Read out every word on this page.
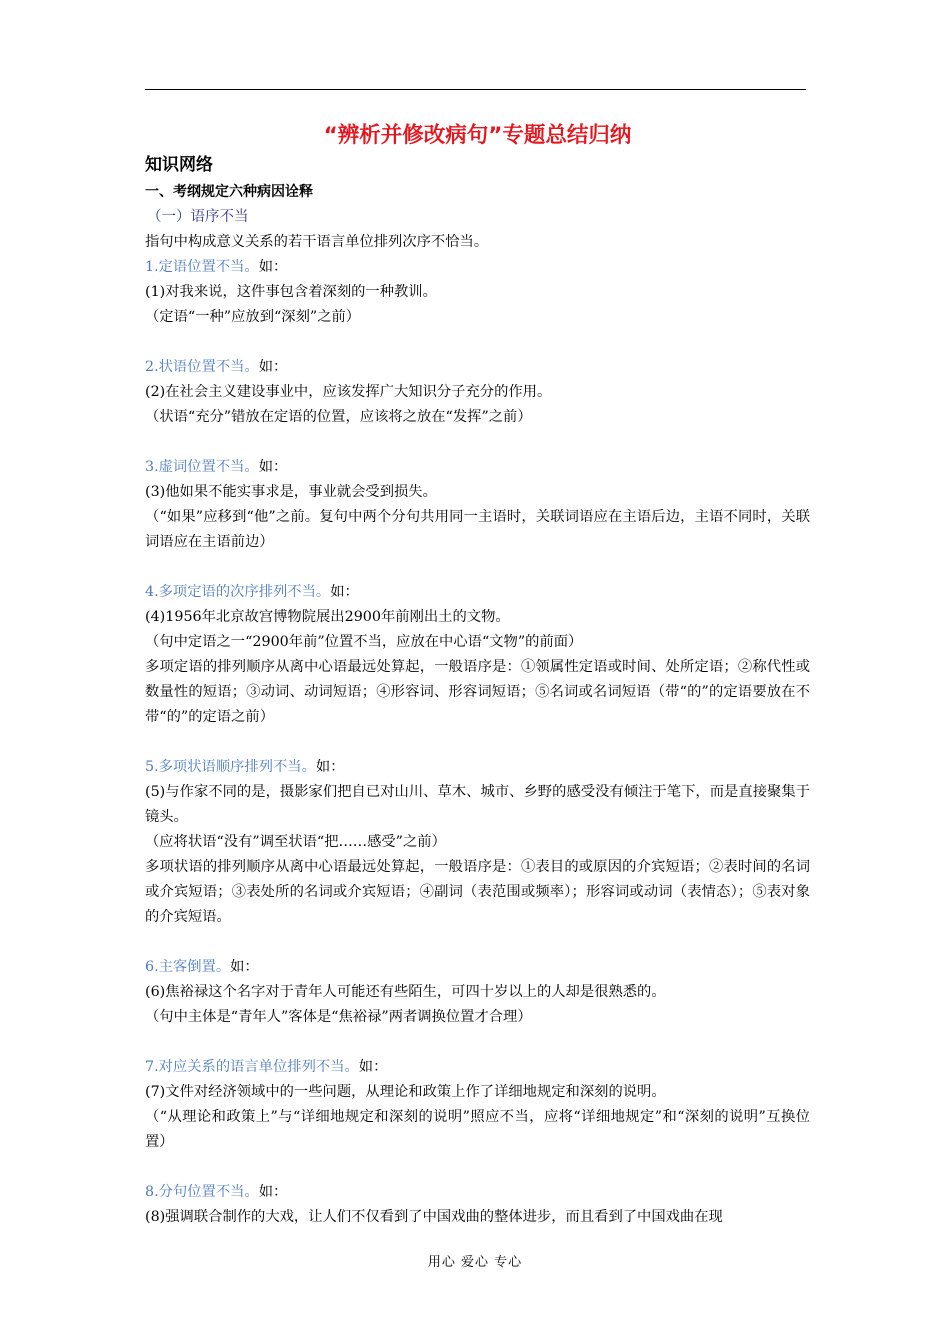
“辨析并修改病句”专题总结归纳
知识网络
一、考纲规定六种病因诠释
（一）语序不当
指句中构成意义关系的若干语言单位排列次序不恰当。
1.定语位置不当。如：
(1)对我来说，这件事包含着深刻的一种教训。
（定语“一种”应放到“深刻”之前）
2.状语位置不当。如：
(2)在社会主义建设事业中，应该发挥广大知识分子充分的作用。
（状语“充分”错放在定语的位置，应该将之放在“发挥”之前）
3.虚词位置不当。如：
(3)他如果不能实事求是，事业就会受到损失。
（“如果”应移到“他”之前。复句中两个分句共用同一主语时，关联词语应在主语后边，主语不同时，关联词语应在主语前边）
4.多项定语的次序排列不当。如：
(4)1956年北京故宫博物院展出2900年前刚出土的文物。
（句中定语之一“2900年前”位置不当，应放在中心语“文物”的前面）
多项定语的排列顺序从离中心语最远处算起，一般语序是：①领属性定语或时间、处所定语；②称代性或数量性的短语；③动词、动词短语；④形容词、形容词短语；⑤名词或名词短语（带“的”的定语要放在不带“的”的定语之前）
5.多项状语顺序排列不当。如：
(5)与作家不同的是，摄影家们把自已对山川、草木、城市、乡野的感受没有倾注于笔下，而是直接聚集于镜头。
（应将状语“没有”调至状语“把……感受”之前）
多项状语的排列顺序从离中心语最远处算起，一般语序是：①表目的或原因的介宾短语；②表时间的名词或介宾短语；③表处所的名词或介宾短语；④副词（表范围或频率）；形容词或动词（表情态）；⑤表对象的介宾短语。
6.主客倒置。如：
(6)焦裕禄这个名字对于青年人可能还有些陌生，可四十岁以上的人却是很熟悉的。
（句中主体是“青年人”客体是“焦裕禄”两者调换位置才合理）
7.对应关系的语言单位排列不当。如：
(7)文件对经济领域中的一些问题，从理论和政策上作了详细地规定和深刻的说明。
（“从理论和政策上”与“详细地规定和深刻的说明”照应不当，应将“详细地规定”和“深刻的说明”互换位置）
8.分句位置不当。如：
(8)强调联合制作的大戏，让人们不仅看到了中国戏曲的整体进步，而且看到了中国戏曲在现
用心 爱心 专心
